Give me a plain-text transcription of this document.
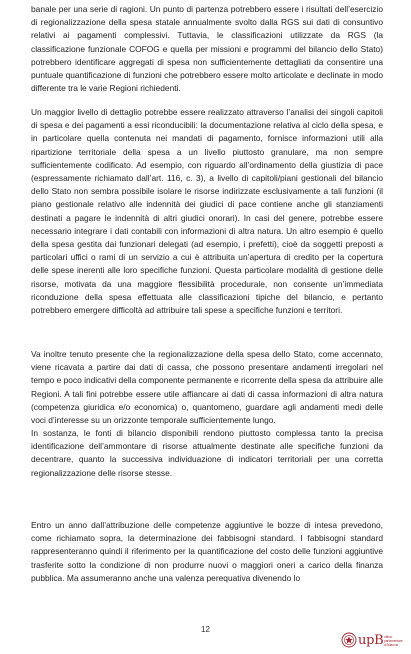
banale per una serie di ragioni. Un punto di partenza potrebbero essere i risultati dell’esercizio di regionalizzazione della spesa statale annualmente svolto dalla RGS sui dati di consuntivo relativi ai pagamenti complessivi. Tuttavia, le classificazioni utilizzate da RGS (la classificazione funzionale COFOG e quella per missioni e programmi del bilancio dello Stato) potrebbero identificare aggregati di spesa non sufficientemente dettagliati da consentire una puntuale quantificazione di funzioni che potrebbero essere molto articolate e declinate in modo differente tra le varie Regioni richiedenti.

Un maggior livello di dettaglio potrebbe essere realizzato attraverso l’analisi dei singoli capitoli di spesa e dei pagamenti a essi riconducibili: la documentazione relativa al ciclo della spesa, e in particolare quella contenuta nei mandati di pagamento, fornisce informazioni utili alla ripartizione territoriale della spesa a un livello piuttosto granulare, ma non sempre sufficientemente codificato. Ad esempio, con riguardo all’ordinamento della giustizia di pace (espressamente richiamato dall’art. 116, c. 3), a livello di capitoli/piani gestionali del bilancio dello Stato non sembra possibile isolare le risorse indirizzate esclusivamente a tali funzioni (il piano gestionale relativo alle indennità dei giudici di pace contiene anche gli stanziamenti destinati a pagare le indennità di altri giudici onorari). In casi del genere, potrebbe essere necessario integrare i dati contabili con informazioni di altra natura. Un altro esempio è quello della spesa gestita dai funzionari delegati (ad esempio, i prefetti), cioè da soggetti preposti a particolari uffici o rami di un servizio a cui è attribuita un’apertura di credito per la copertura delle spese inerenti alle loro specifiche funzioni. Questa particolare modalità di gestione delle risorse, motivata da una maggiore flessibilità procedurale, non consente un’immediata riconduzione della spesa effettuata alle classificazioni tipiche del bilancio, e pertanto potrebbero emergere difficoltà ad attribuire tali spese a specifiche funzioni e territori.

Va inoltre tenuto presente che la regionalizzazione della spesa dello Stato, come accennato, viene ricavata a partire dai dati di cassa, che possono presentare andamenti irregolari nel tempo e poco indicativi della componente permanente e ricorrente della spesa da attribuire alle Regioni. A tali fini potrebbe essere utile affiancare ai dati di cassa informazioni di altra natura (competenza giuridica e/o economica) o, quantomeno, guardare agli andamenti medi delle voci d’interesse su un orizzonte temporale sufficientemente lungo.

In sostanza, le fonti di bilancio disponibili rendono piuttosto complessa tanto la precisa identificazione dell’ammontare di risorse attualmente destinate alle specifiche funzioni da decentrare, quanto la successiva individuazione di indicatori territoriali per una corretta regionalizzazione delle risorse stesse.

Entro un anno dall’attribuzione delle competenze aggiuntive le bozze di intesa prevedono, come richiamato sopra, la determinazione dei fabbisogni standard. I fabbisogni standard rappresenteranno quindi il riferimento per la quantificazione del costo delle funzioni aggiuntive trasferite sotto la condizione di non produrre nuovi o maggiori oneri a carico della finanza pubblica. Ma assumeranno anche una valenza perequativa divenendo lo

12
upB ufficio
parlamentare
di bilancio
